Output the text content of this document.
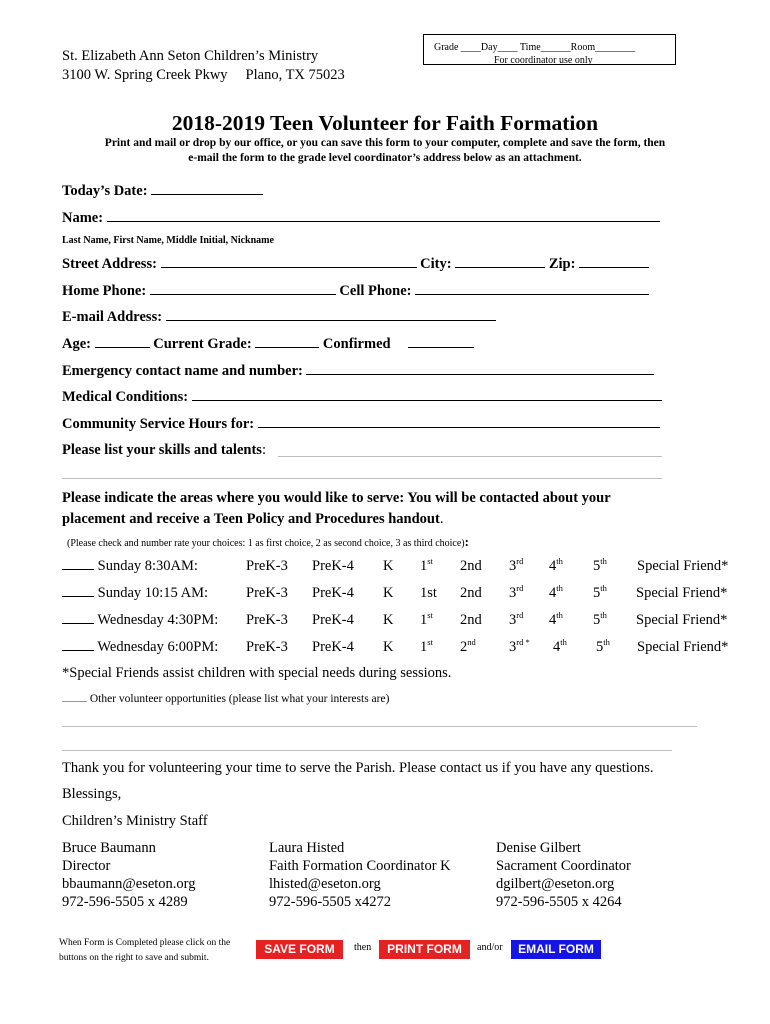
St. Elizabeth Ann Seton Children’s Ministry
3100 W. Spring Creek Pkwy Plano, TX 75023
Grade ____Day____ Time______Room________
For coordinator use only
2018-2019 Teen Volunteer for Faith Formation
Print and mail or drop by our office, or you can save this form to your computer, complete and save the form, then
e-mail the form to the grade level coordinator’s address below as an attachment.
Today’s Date:
Name:
Last Name, First Name, Middle Initial, Nickname
Street Address:	City:	Zip:
Home Phone:	Cell Phone:
E-mail Address:
Age:	Current Grade:	Confirmed
Emergency contact name and number:
Medical Conditions:
Community Service Hours for:
Please list your skills and talents:
Please indicate the areas where you would like to serve: You will be contacted about your
placement and receive a Teen Policy and Procedures handout.
(Please check and number rate your choices: 1 as first choice, 2 as second choice, 3 as third choice):
Sunday 8:30AM:	PreK-3 PreK-4 K 1st 2nd 3rd 4th 5th Special Friend*
Sunday 10:15 AM:	PreK-3 PreK-4 K 1st 2nd 3rd 4th 5th Special Friend*
Wednesday 4:30PM: PreK-3 PreK-4 K 1st 2nd 3rd 4th 5th Special Friend*
Wednesday 6:00PM: PreK-3 PreK-4 K 1st 2nd $3^{rd *}$ 4th 5th Special Friend*
*Special Friends assist children with special needs during sessions.
Other volunteer opportunities (please list what your interests are)
Thank you for volunteering your time to serve the Parish. Please contact us if you have any questions.
Blessings,
Children’s Ministry Staff
Bruce Baumann
Director
bbaumann@eseton.org
972-596-5505 x 4289
Laura Histed
Faith Formation Coordinator K
lhisted@eseton.org
972-596-5505 x4272
Denise Gilbert
Sacrament Coordinator
dgilbert@eseton.org
972-596-5505 x 4264
When Form is Completed please click on the
buttons on the right to save and submit.
SAVE FORM	then	PRINT FORM	and/or	EMAIL FORM
